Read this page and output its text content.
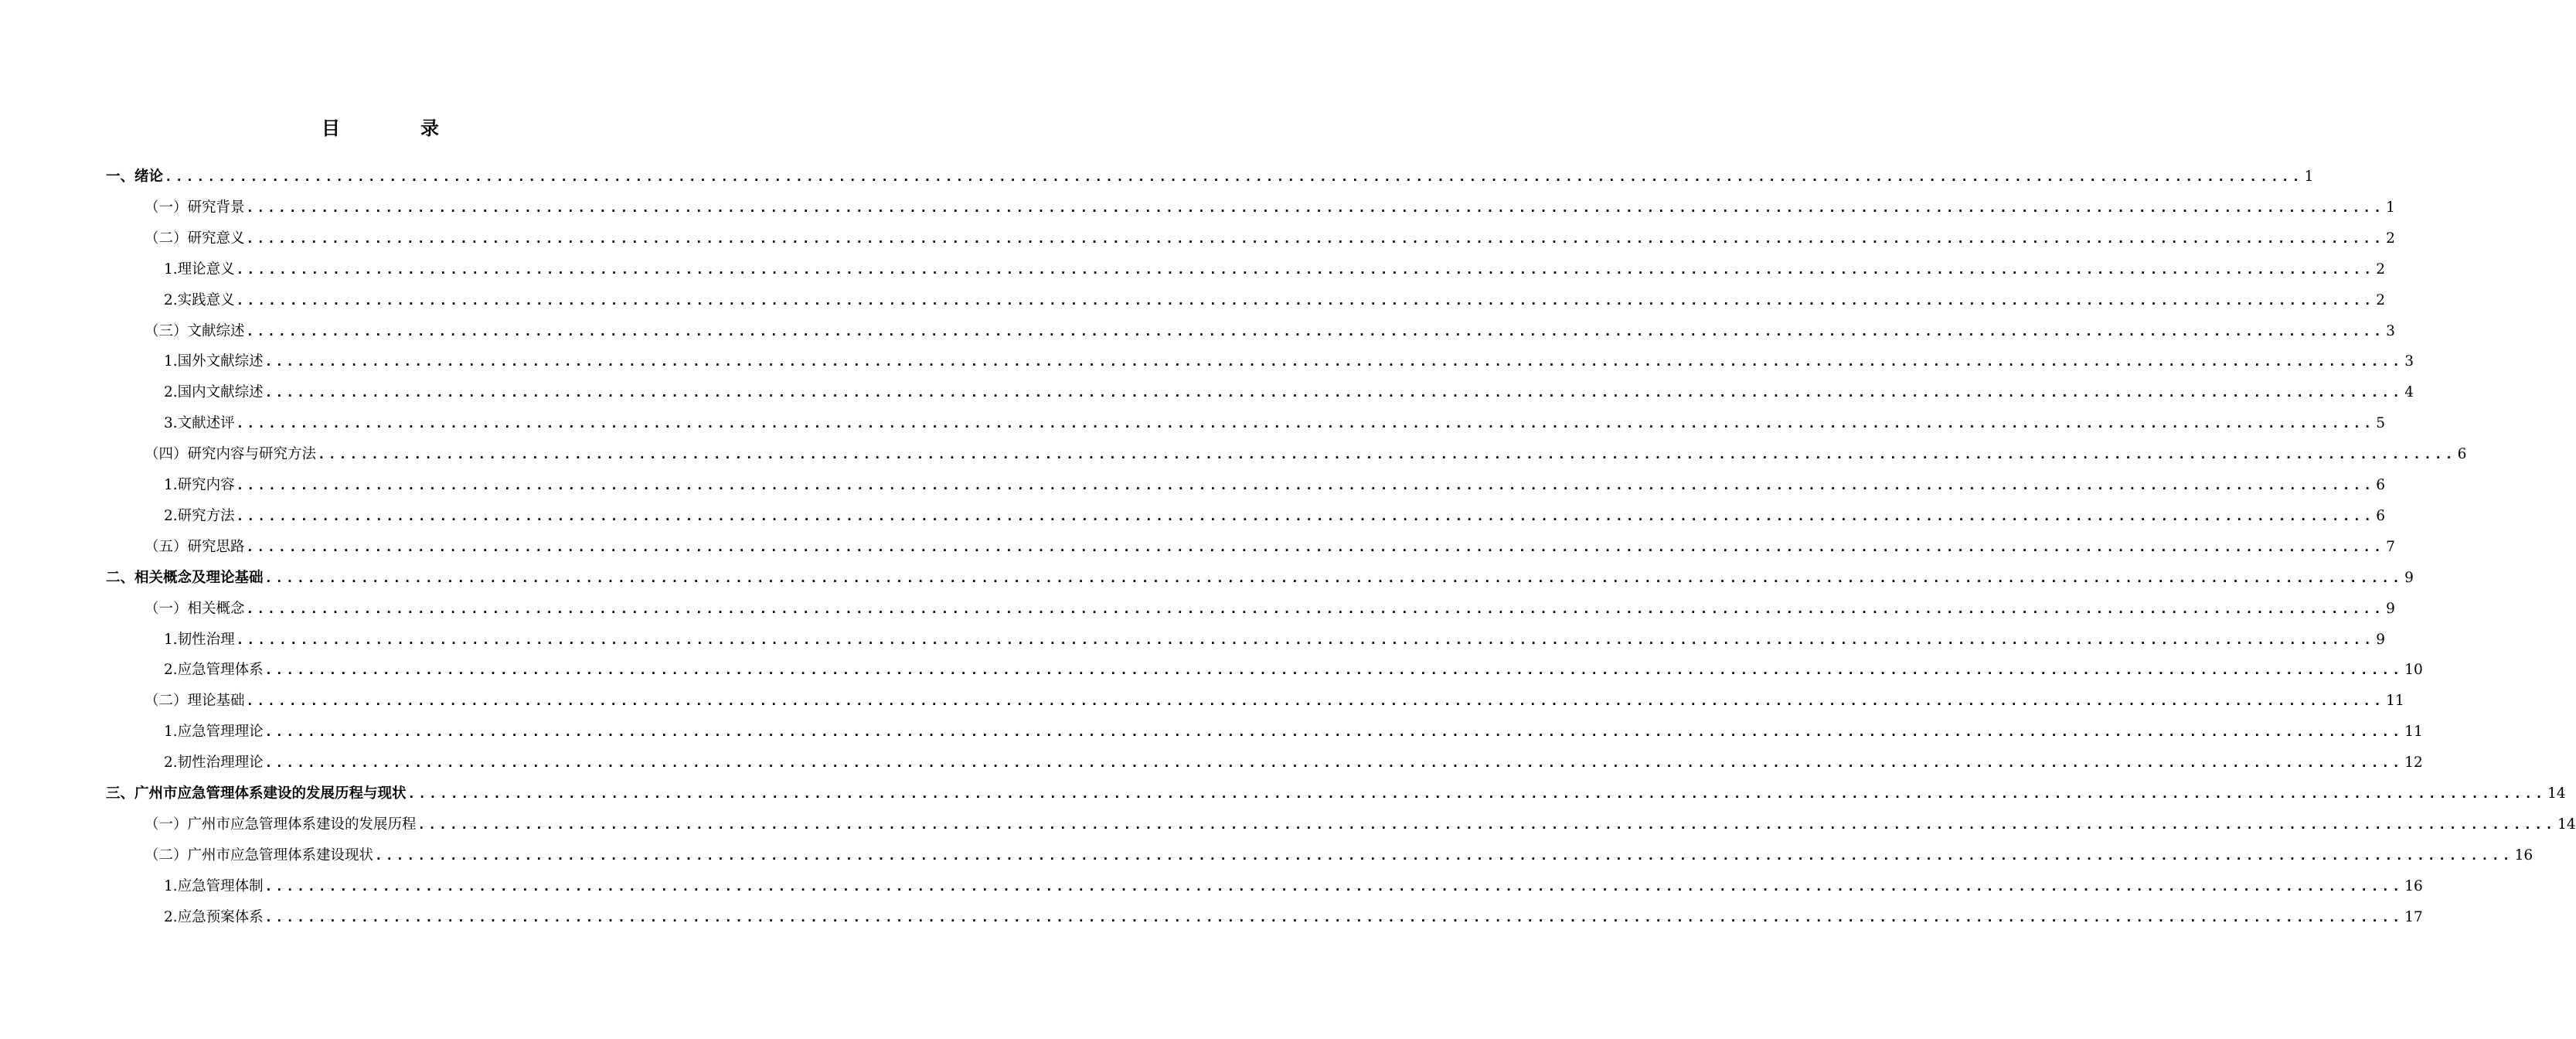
目	录
一、绪论 ........................................................................................................................................................................................................ 1
（一）研究背景 ........................................................................................................................................................................................................ 1
（二）研究意义 ........................................................................................................................................................................................................ 2
1.理论意义 ........................................................................................................................................................................................................ 2
2.实践意义 ........................................................................................................................................................................................................ 2
（三）文献综述 ........................................................................................................................................................................................................ 3
1.国外文献综述 ........................................................................................................................................................................................................ 3
2.国内文献综述 ........................................................................................................................................................................................................ 4
3.文献述评 ........................................................................................................................................................................................................ 5
（四）研究内容与研究方法 ........................................................................................................................................................................................................ 6
1.研究内容 ........................................................................................................................................................................................................ 6
2.研究方法 ........................................................................................................................................................................................................ 6
（五）研究思路 ........................................................................................................................................................................................................ 7
二、相关概念及理论基础 ........................................................................................................................................................................................................ 9
（一）相关概念 ........................................................................................................................................................................................................ 9
1.韧性治理 ........................................................................................................................................................................................................ 9
2.应急管理体系 ........................................................................................................................................................................................................ 10
（二）理论基础 ........................................................................................................................................................................................................ 11
1.应急管理理论 ........................................................................................................................................................................................................ 11
2.韧性治理理论 ........................................................................................................................................................................................................ 12
三、广州市应急管理体系建设的发展历程与现状 ........................................................................................................................................................................................................ 14
（一）广州市应急管理体系建设的发展历程 ........................................................................................................................................................................................................ 14
（二）广州市应急管理体系建设现状 ........................................................................................................................................................................................................ 16
1.应急管理体制 ........................................................................................................................................................................................................ 16
2.应急预案体系 ........................................................................................................................................................................................................ 17
